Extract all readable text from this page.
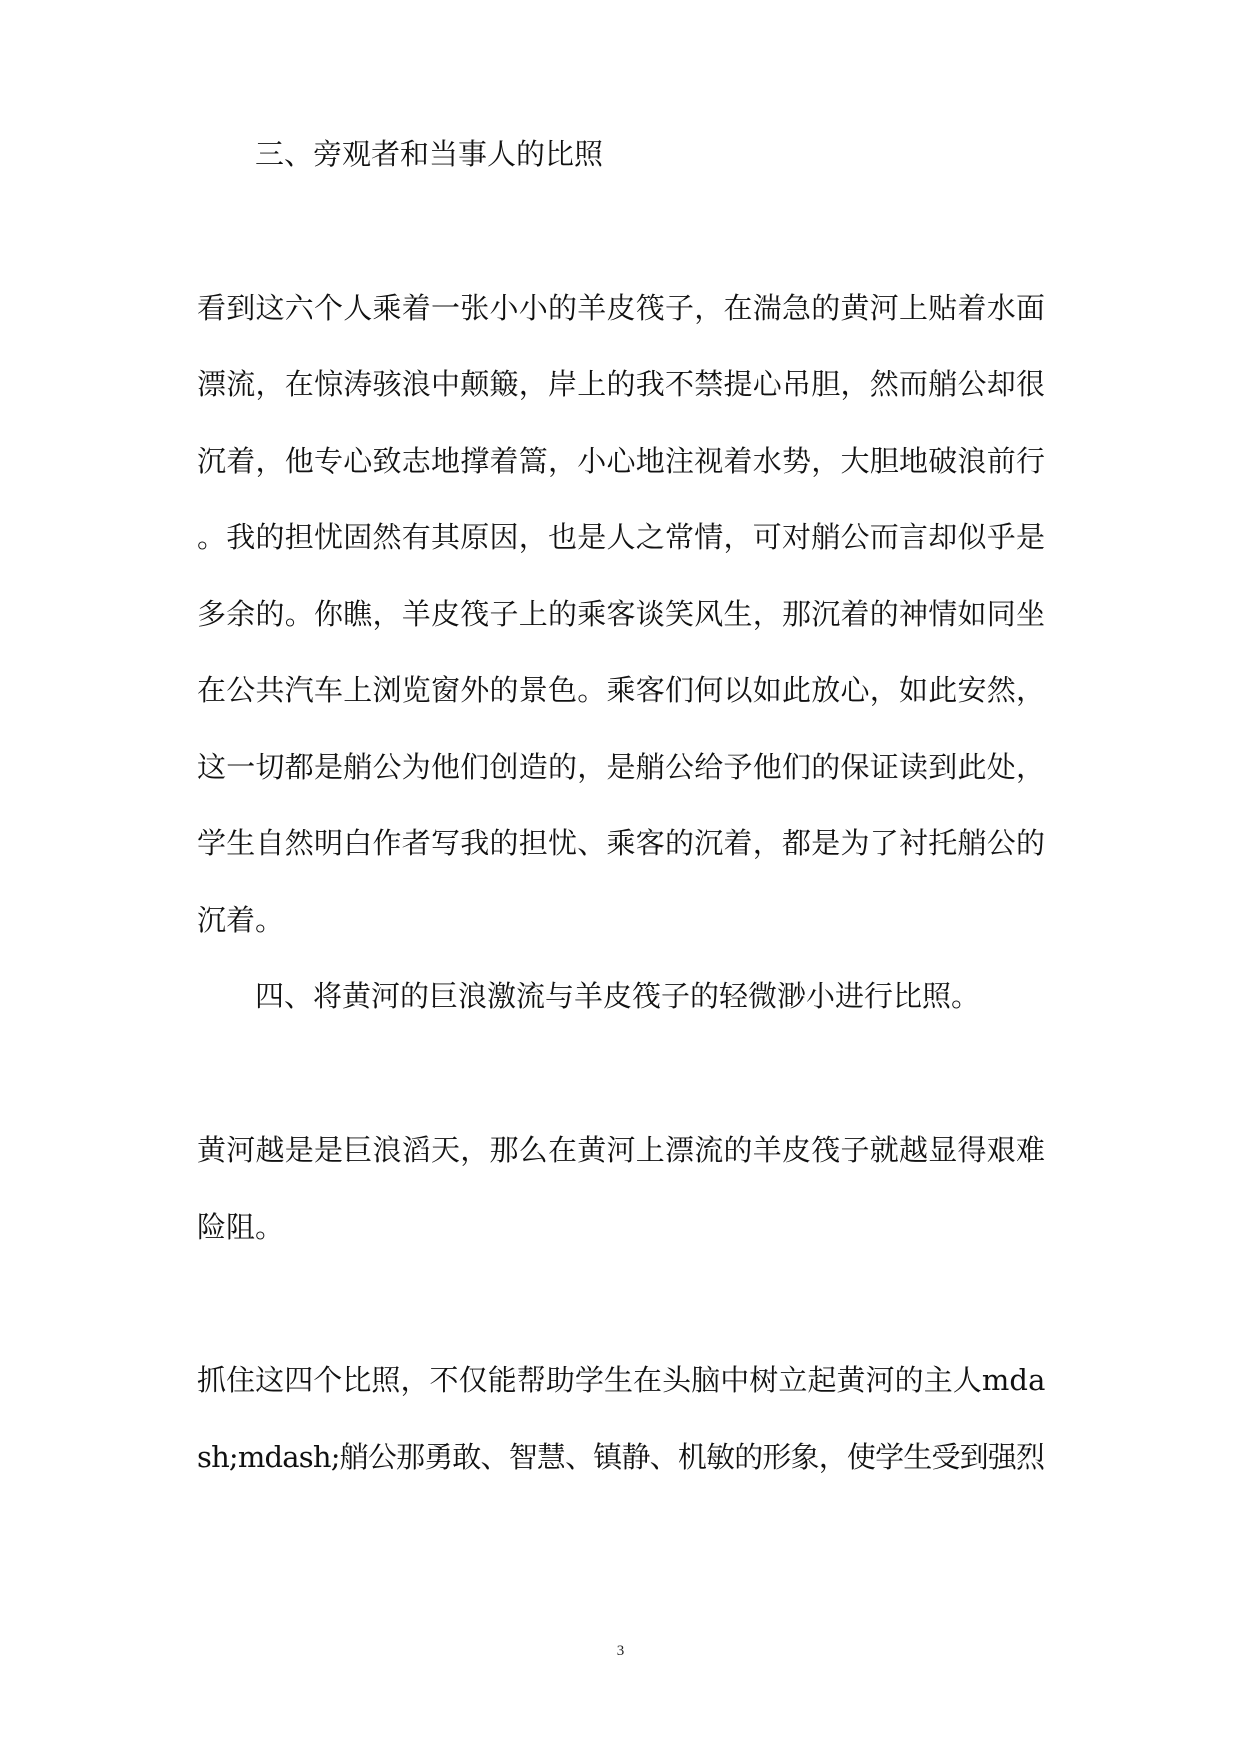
三、旁观者和当事人的比照
看到这六个人乘着一张小小的羊皮筏子，在湍急的黄河上贴着水面
漂流，在惊涛骇浪中颠簸，岸上的我不禁提心吊胆，然而艄公却很
沉着，他专心致志地撑着篙，小心地注视着水势，大胆地破浪前行
。我的担忧固然有其原因，也是人之常情，可对艄公而言却似乎是
多余的。你瞧，羊皮筏子上的乘客谈笑风生，那沉着的神情如同坐
在公共汽车上浏览窗外的景色。乘客们何以如此放心，如此安然，
这一切都是艄公为他们创造的，是艄公给予他们的保证读到此处，
学生自然明白作者写我的担忧、乘客的沉着，都是为了衬托艄公的
沉着。
四、将黄河的巨浪激流与羊皮筏子的轻微渺小进行比照。
黄河越是是巨浪滔天，那么在黄河上漂流的羊皮筏子就越显得艰难
险阻。
抓住这四个比照，不仅能帮助学生在头脑中树立起黄河的主人mda
sh;mdash;艄公那勇敢、智慧、镇静、机敏的形象，使学生受到强烈
3
